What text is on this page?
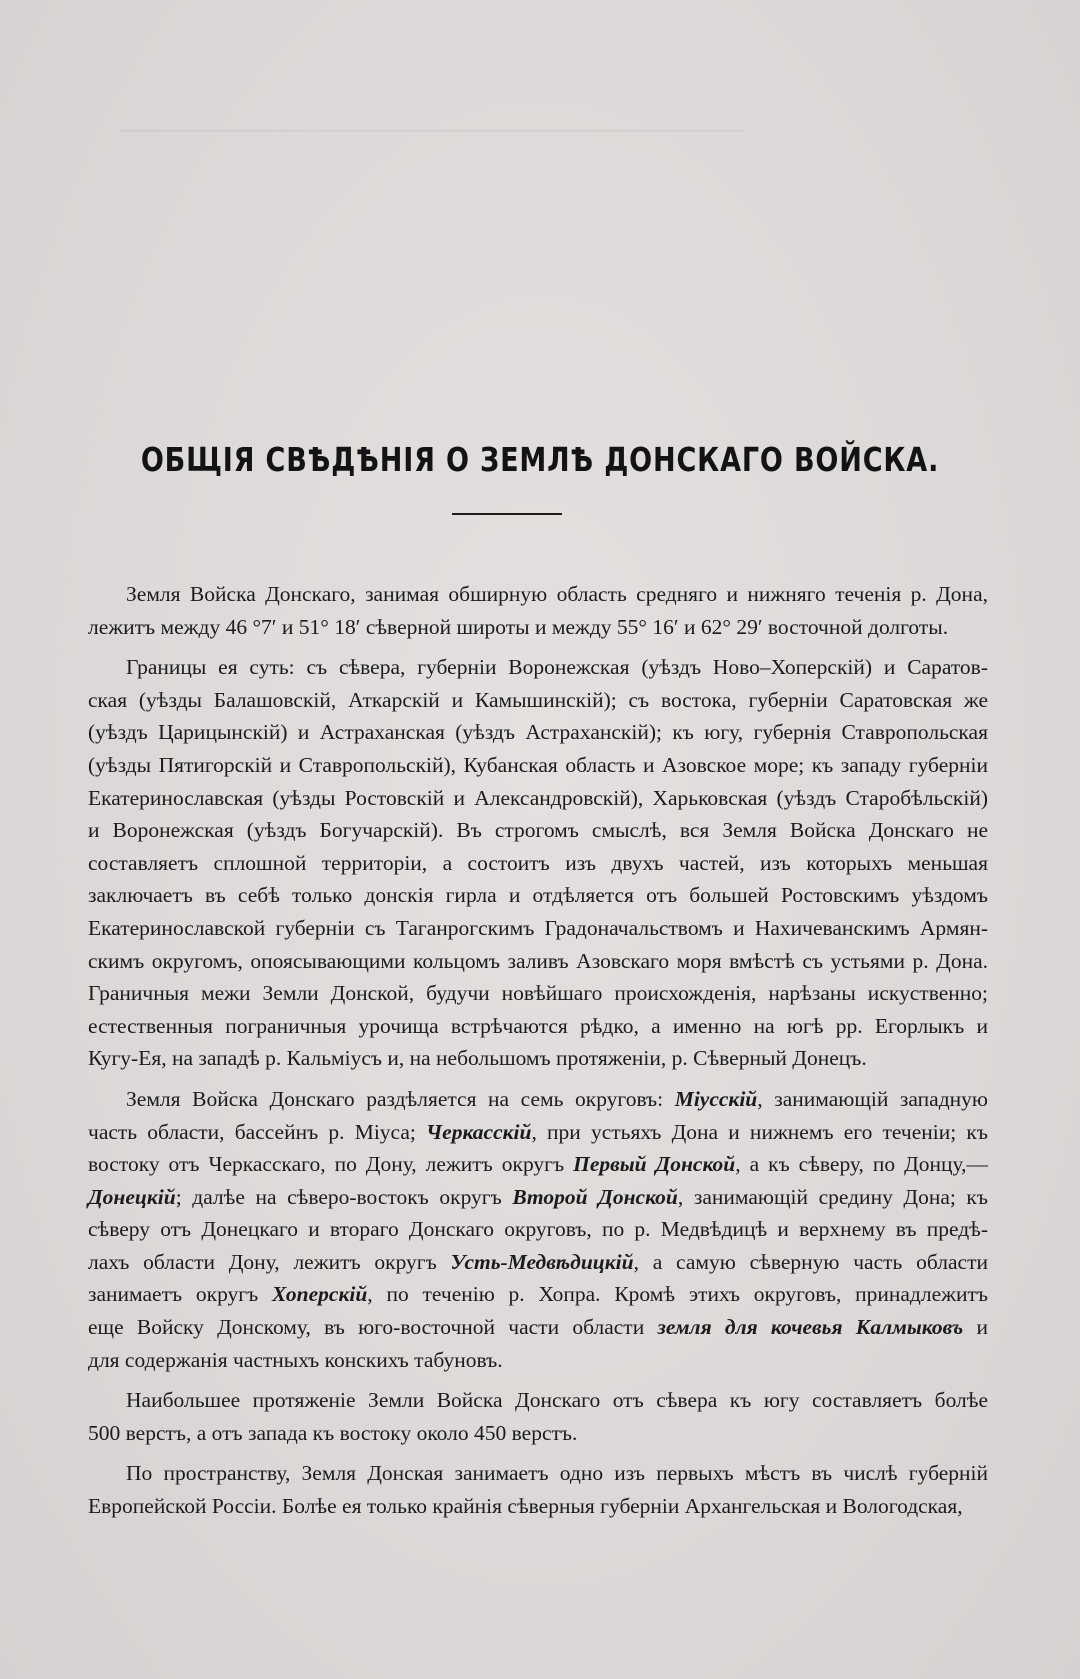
──────────────────────────────────────────
ОБЩІЯ СВѢДѢНІЯ О ЗЕМЛѢ ДОНСКАГО ВОЙСКА.
Земля Войска Донскаго, занимая обширную область средняго и нижняго теченія р. Дона,
лежитъ между 46 °7′ и 51° 18′ сѣверной широты и между 55° 16′ и 62° 29′ восточной долготы.
Границы ея суть: съ сѣвера, губерніи Воронежская (уѣздъ Ново–Хоперскій) и Саратов-
ская (уѣзды Балашовскій, Аткарскій и Камышинскій); съ востока, губерніи Саратовская же
(уѣздъ Царицынскій) и Астраханская (уѣздъ Астраханскій); къ югу, губернія Ставропольская
(уѣзды Пятигорскій и Ставропольскій), Кубанская область и Азовское море; къ западу губерніи
Екатеринославская (уѣзды Ростовскій и Александровскій), Харьковская (уѣздъ Старобѣльскій)
и Воронежская (уѣздъ Богучарскій). Въ строгомъ смыслѣ, вся Земля Войска Донскаго не
составляетъ сплошной территоріи, а состоитъ изъ двухъ частей, изъ которыхъ меньшая
заключаетъ въ себѣ только донскія гирла и отдѣляется отъ большей Ростовскимъ уѣздомъ
Екатеринославской губерніи съ Таганрогскимъ Градоначальствомъ и Нахичеванскимъ Армян-
скимъ округомъ, опоясывающими кольцомъ заливъ Азовскаго моря вмѣстѣ съ устьями р. Дона.
Граничныя межи Земли Донской, будучи новѣйшаго происхожденія, нарѣзаны искуственно;
естественныя пограничныя урочища встрѣчаются рѣдко, а именно на югѣ рр. Егорлыкъ и
Кугу-Ея, на западѣ р. Кальміусъ и, на небольшомъ протяженіи, р. Сѣверный Донецъ.
Земля Войска Донскаго раздѣляется на семь округовъ: Міусскій, занимающій западную
часть области, бассейнъ р. Міуса; Черкасскій, при устьяхъ Дона и нижнемъ его теченіи; къ
востоку отъ Черкасскаго, по Дону, лежитъ округъ Первый Донской, а къ сѣверу, по Донцу,—
Донецкій; далѣе на сѣверо-востокъ округъ Второй Донской, занимающій средину Дона; къ
сѣверу отъ Донецкаго и втораго Донскаго округовъ, по р. Медвѣдицѣ и верхнему въ предѣ-
лахъ области Дону, лежитъ округъ Усть-Медвѣдицкій, а самую сѣверную часть области
занимаетъ округъ Хоперскій, по теченію р. Хопра. Кромѣ этихъ округовъ, принадлежитъ
еще Войску Донскому, въ юго-восточной части области земля для кочевья Калмыковъ и
для содержанія частныхъ конскихъ табуновъ.
Наибольшее протяженіе Земли Войска Донскаго отъ сѣвера къ югу составляетъ болѣе
500 верстъ, а отъ запада къ востоку около 450 верстъ.
По пространству, Земля Донская занимаетъ одно изъ первыхъ мѣстъ въ числѣ губерній
Европейской Россіи. Болѣе ея только крайнія сѣверныя губерніи Архангельская и Вологодская,
